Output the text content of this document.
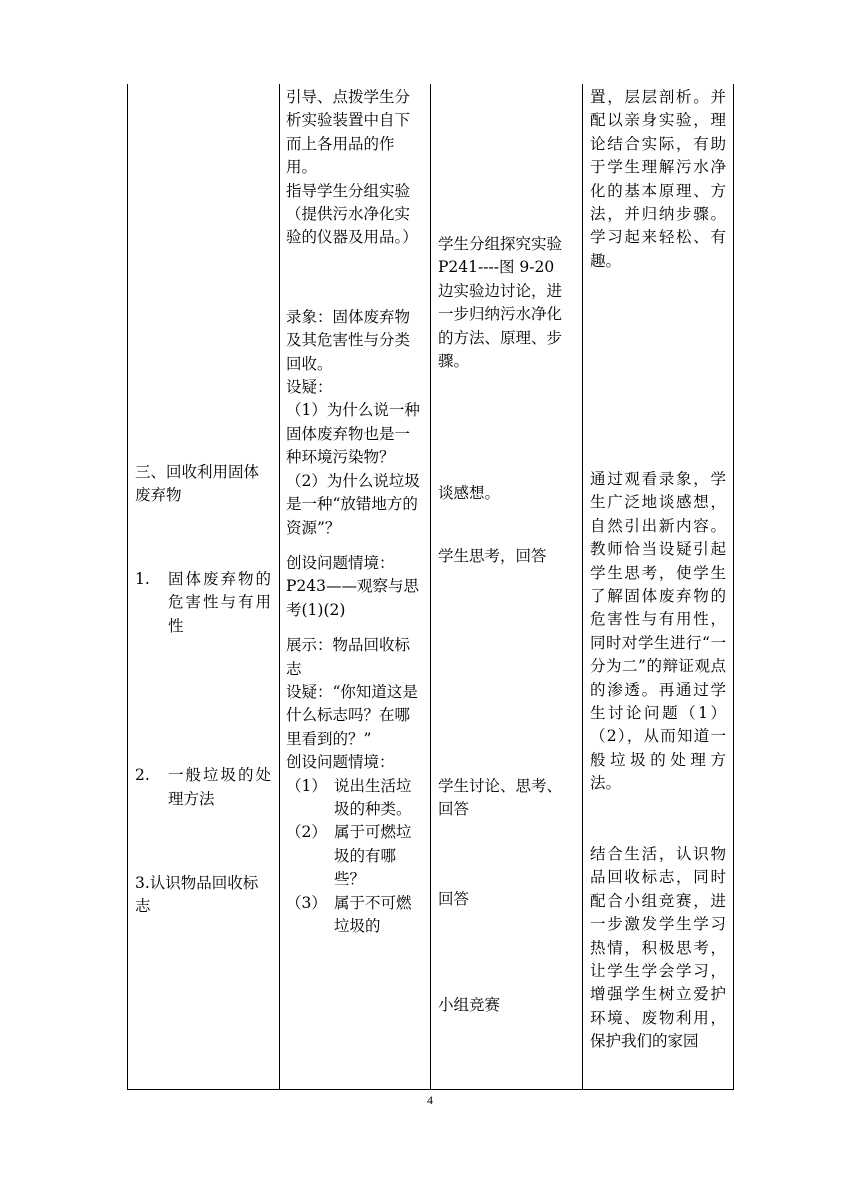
三、回收利用固体废弃物
1.	固体废弃物的危害性与有用性
2.	一般垃圾的处理方法
3.认识物品回收标志
引导、点拨学生分析实验装置中自下而上各用品的作用。
指导学生分组实验
（提供污水净化实验的仪器及用品。）
录象：固体废弃物及其危害性与分类回收。
设疑：
（1）为什么说一种固体废弃物也是一种环境污染物？
（2）为什么说垃圾是一种“放错地方的资源”？
创设问题情境：
P243——观察与思考(1)(2)
展示：物品回收标志
设疑：“你知道这是什么标志吗？在哪里看到的？”
创设问题情境：
（1） 说出生活垃圾的种类。
（2） 属于可燃垃圾的有哪些？
（3） 属于不可燃垃圾的
学生分组探究实验
P241----图 9-20
边实验边讨论，进一步归纳污水净化的方法、原理、步骤。
谈感想。
学生思考，回答
学生讨论、思考、回答
回答
小组竞赛
置，层层剖析。并配以亲身实验，理论结合实际，有助于学生理解污水净化的基本原理、方法，并归纳步骤。学习起来轻松、有趣。
通过观看录象，学生广泛地谈感想，自然引出新内容。教师恰当设疑引起学生思考，使学生了解固体废弃物的危害性与有用性，同时对学生进行“一分为二”的辩证观点的渗透。再通过学生讨论问题（1）（2），从而知道一般垃圾的处理方法。
结合生活，认识物品回收标志，同时配合小组竞赛，进一步激发学生学习热情，积极思考，让学生学会学习，增强学生树立爱护环境、废物利用，保护我们的家园
4
